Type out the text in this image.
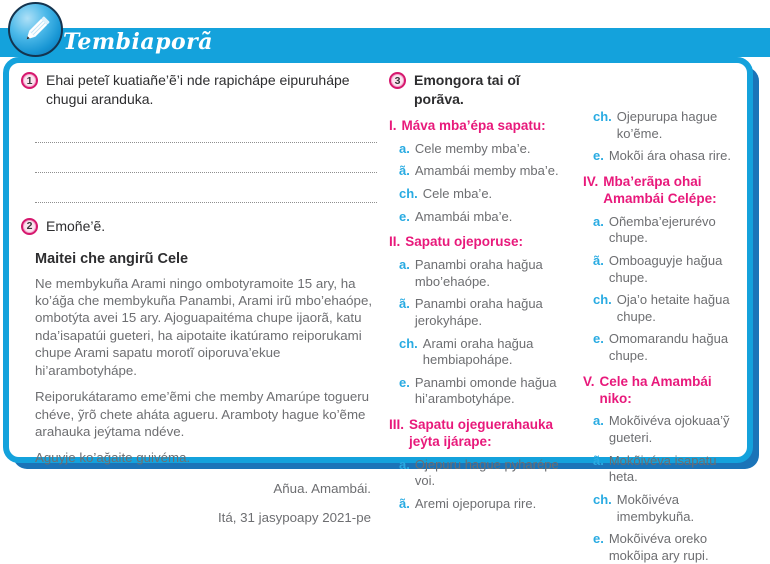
Tembiaporã
1 Ehai peteĩ kuatiañe’ẽ’i nde rapichápe eipuruhápe chugui aranduka.
2 Emoñe’ẽ.
Maitei che angirũ Cele

Ne membykuña Arami ningo ombotyramoite 15 ary, ha ko’áğa che membykuña Panambi, Arami irũ mbo’ehaópe, ombotýta avei 15 ary. Ajoguapaitéma chupe ijaorã, katu nda’isapatúi gueteri, ha aipotaite ikatúramo reiporukami chupe Arami sapatu morotĩ oiporuva’ekue hi’arambotyhápe.

Reiporukátaramo eme’ẽmi che memby Amarúpe togueru chéve, ỹrõ chete aháta agueru. Aramboty hague ko’ẽme arahauka jeýtama ndéve.

Aguyje ko’ağaite guivéma.

Añua. Amambái.
Itá, 31 jasypoapy 2021-pe
3 Emongora tai oĩ porãva.
I. Máva mba’épa sapatu:

a. Cele memby mba’e.

ã. Amambái memby mba’e.

ch. Cele mba’e.

e. Amambái mba’e.

II. Sapatu ojeporuse:

a. Panambi oraha hağua mbo’ehaópe.

ã. Panambi oraha hağua jerokyhápe.

ch. Arami oraha hağua hembiapohápe.

e. Panambi omonde hağua hi’arambotyhápe.

III. Sapatu ojeguerahauka jeýta ijárape:

a. Ojepuru hague pyharépe voi.

ã. Aremi ojeporupa rire.

ch. Ojepurupa hague ko’ẽme.

e. Mokõi ára ohasa rire.

IV. Mba’erãpa ohai Amambái Celépe:

a. Oñemba’ejerurévo chupe.

ã. Omboaguyje hağua chupe.

ch. Oja’o hetaite hağua chupe.

e. Omomarandu hağua chupe.

V. Cele ha Amambái niko:

a. Mokõivéva ojokuaa’ỹ gueteri.

ã. Mokõivéva isapatu heta.

ch. Mokõivéva imembykuña.

e. Mokõivéva oreko mokõipa ary rupi.
